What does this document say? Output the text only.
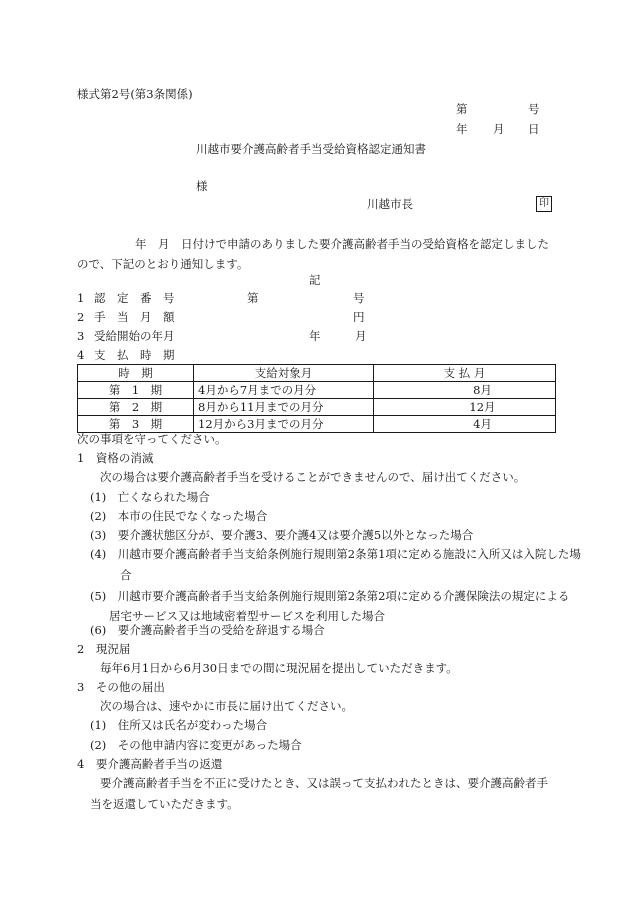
様式第2号(第3条関係)
第	号
年 月 日
川越市要介護高齢者手当受給資格認定通知書
様
川越市長	印
　　年　月　日付けで申請のありました要介護高齢者手当の受給資格を認定しましたので、下記のとおり通知します。
記
1 認　定　番　号	第	号
2 手　当　月　額	円
3 受給開始の年月	年	月
4 支　払　時　期
時　期	支給対象月	支 払 月
第　1　期	4月から7月までの月分	8月
第　2　期	8月から11月までの月分	12月
第　3　期	12月から3月までの月分	4月
次の事項を守ってください。
1　資格の消滅
次の場合は要介護高齢者手当を受けることができませんので、届け出てください。
(1)　亡くなられた場合
(2)　本市の住民でなくなった場合
(3)　要介護状態区分が、要介護3、要介護4又は要介護5以外となった場合
(4)　川越市要介護高齢者手当支給条例施行規則第2条第1項に定める施設に入所又は入院した場合
(5)　川越市要介護高齢者手当支給条例施行規則第2条第2項に定める介護保険法の規定による居宅サービス又は地域密着型サービスを利用した場合
(6)　要介護高齢者手当の受給を辞退する場合
2　現況届
毎年6月1日から6月30日までの間に現況届を提出していただきます。
3　その他の届出
次の場合は、速やかに市長に届け出てください。
(1)　住所又は氏名が変わった場合
(2)　その他申請内容に変更があった場合
4　要介護高齢者手当の返還
要介護高齢者手当を不正に受けたとき、又は誤って支払われたときは、要介護高齢者手当を返還していただきます。
